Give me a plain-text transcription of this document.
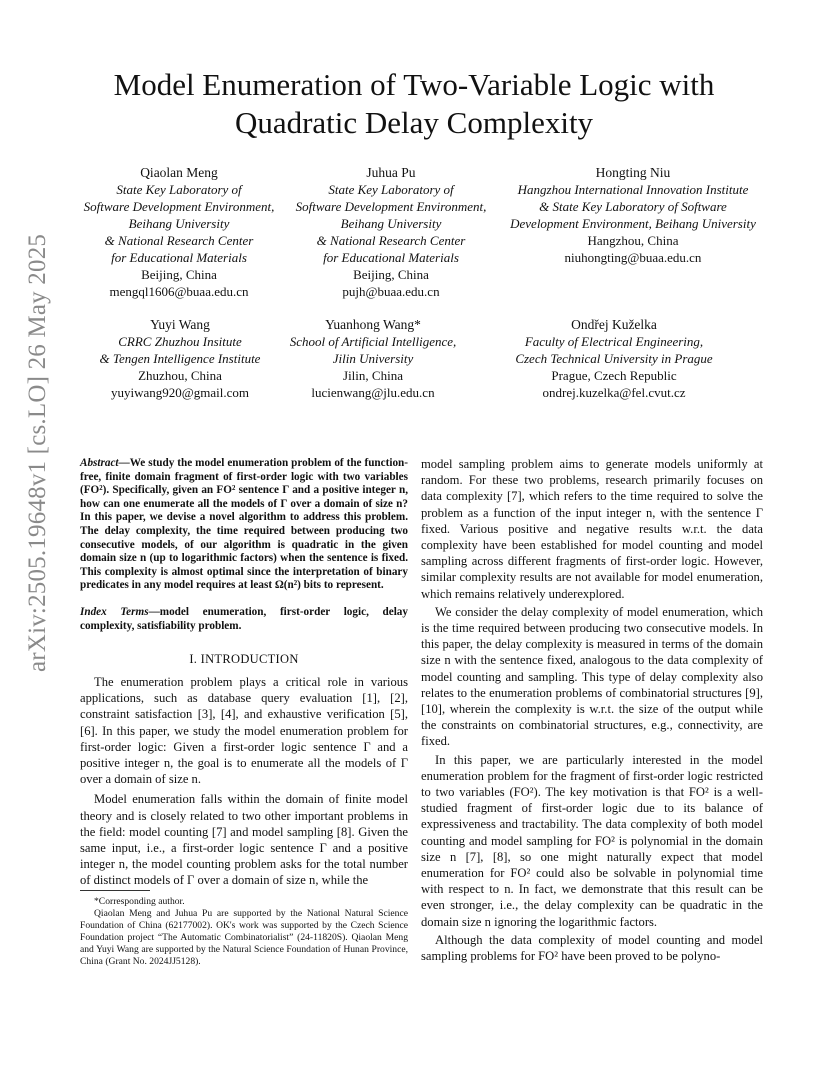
arXiv:2505.19648v1 [cs.LO] 26 May 2025
Model Enumeration of Two-Variable Logic with
Quadratic Delay Complexity
Qiaolan Meng
State Key Laboratory of
Software Development Environment,
Beihang University
& National Research Center
for Educational Materials
Beijing, China
mengql1606@buaa.edu.cn
Juhua Pu
State Key Laboratory of
Software Development Environment,
Beihang University
& National Research Center
for Educational Materials
Beijing, China
pujh@buaa.edu.cn
Hongting Niu
Hangzhou International Innovation Institute
& State Key Laboratory of Software
Development Environment, Beihang University
Hangzhou, China
niuhongting@buaa.edu.cn
Yuyi Wang
CRRC Zhuzhou Insitute
& Tengen Intelligence Institute
Zhuzhou, China
yuyiwang920@gmail.com
Yuanhong Wang*
School of Artificial Intelligence,
Jilin University
Jilin, China
lucienwang@jlu.edu.cn
Ondřej Kuželka
Faculty of Electrical Engineering,
Czech Technical University in Prague
Prague, Czech Republic
ondrej.kuzelka@fel.cvut.cz
Abstract—We study the model enumeration problem of the function-free, finite domain fragment of first-order logic with two variables (FO²). Specifically, given an FO² sentence Γ and a positive integer n, how can one enumerate all the models of Γ over a domain of size n? In this paper, we devise a novel algorithm to address this problem. The delay complexity, the time required between producing two consecutive models, of our algorithm is quadratic in the given domain size n (up to logarithmic factors) when the sentence is fixed. This complexity is almost optimal since the interpretation of binary predicates in any model requires at least Ω(n²) bits to represent.
Index Terms—model enumeration, first-order logic, delay complexity, satisfiability problem.
I. INTRODUCTION

The enumeration problem plays a critical role in various applications, such as database query evaluation [1], [2], constraint satisfaction [3], [4], and exhaustive verification [5], [6]. In this paper, we study the model enumeration problem for first-order logic: Given a first-order logic sentence Γ and a positive integer n, the goal is to enumerate all the models of Γ over a domain of size n.

Model enumeration falls within the domain of finite model theory and is closely related to two other important problems in the field: model counting [7] and model sampling [8]. Given the same input, i.e., a first-order logic sentence Γ and a positive integer n, the model counting problem asks for the total number of distinct models of Γ over a domain of size n, while the

*Corresponding author.
Qiaolan Meng and Juhua Pu are supported by the National Natural Science Foundation of China (62177002). OK's work was supported by the Czech Science Foundation project “The Automatic Combinatorialist” (24-11820S). Qiaolan Meng and Yuyi Wang are supported by the Natural Science Foundation of Hunan Province, China (Grant No. 2024JJ5128).

model sampling problem aims to generate models uniformly at random. For these two problems, research primarily focuses on data complexity [7], which refers to the time required to solve the problem as a function of the input integer n, with the sentence Γ fixed. Various positive and negative results w.r.t. the data complexity have been established for model counting and model sampling across different fragments of first-order logic. However, similar complexity results are not available for model enumeration, which remains relatively underexplored.

We consider the delay complexity of model enumeration, which is the time required between producing two consecutive models. In this paper, the delay complexity is measured in terms of the domain size n with the sentence fixed, analogous to the data complexity of model counting and sampling. This type of delay complexity also relates to the enumeration problems of combinatorial structures [9], [10], wherein the complexity is w.r.t. the size of the output while the constraints on combinatorial structures, e.g., connectivity, are fixed.

In this paper, we are particularly interested in the model enumeration problem for the fragment of first-order logic restricted to two variables (FO²). The key motivation is that FO² is a well-studied fragment of first-order logic due to its balance of expressiveness and tractability. The data complexity of both model counting and model sampling for FO² is polynomial in the domain size n [7], [8], so one might naturally expect that model enumeration for FO² could also be solvable in polynomial time with respect to n. In fact, we demonstrate that this result can be even stronger, i.e., the delay complexity can be quadratic in the domain size n ignoring the logarithmic factors.

Although the data complexity of model counting and model sampling problems for FO² have been proved to be polyno-
